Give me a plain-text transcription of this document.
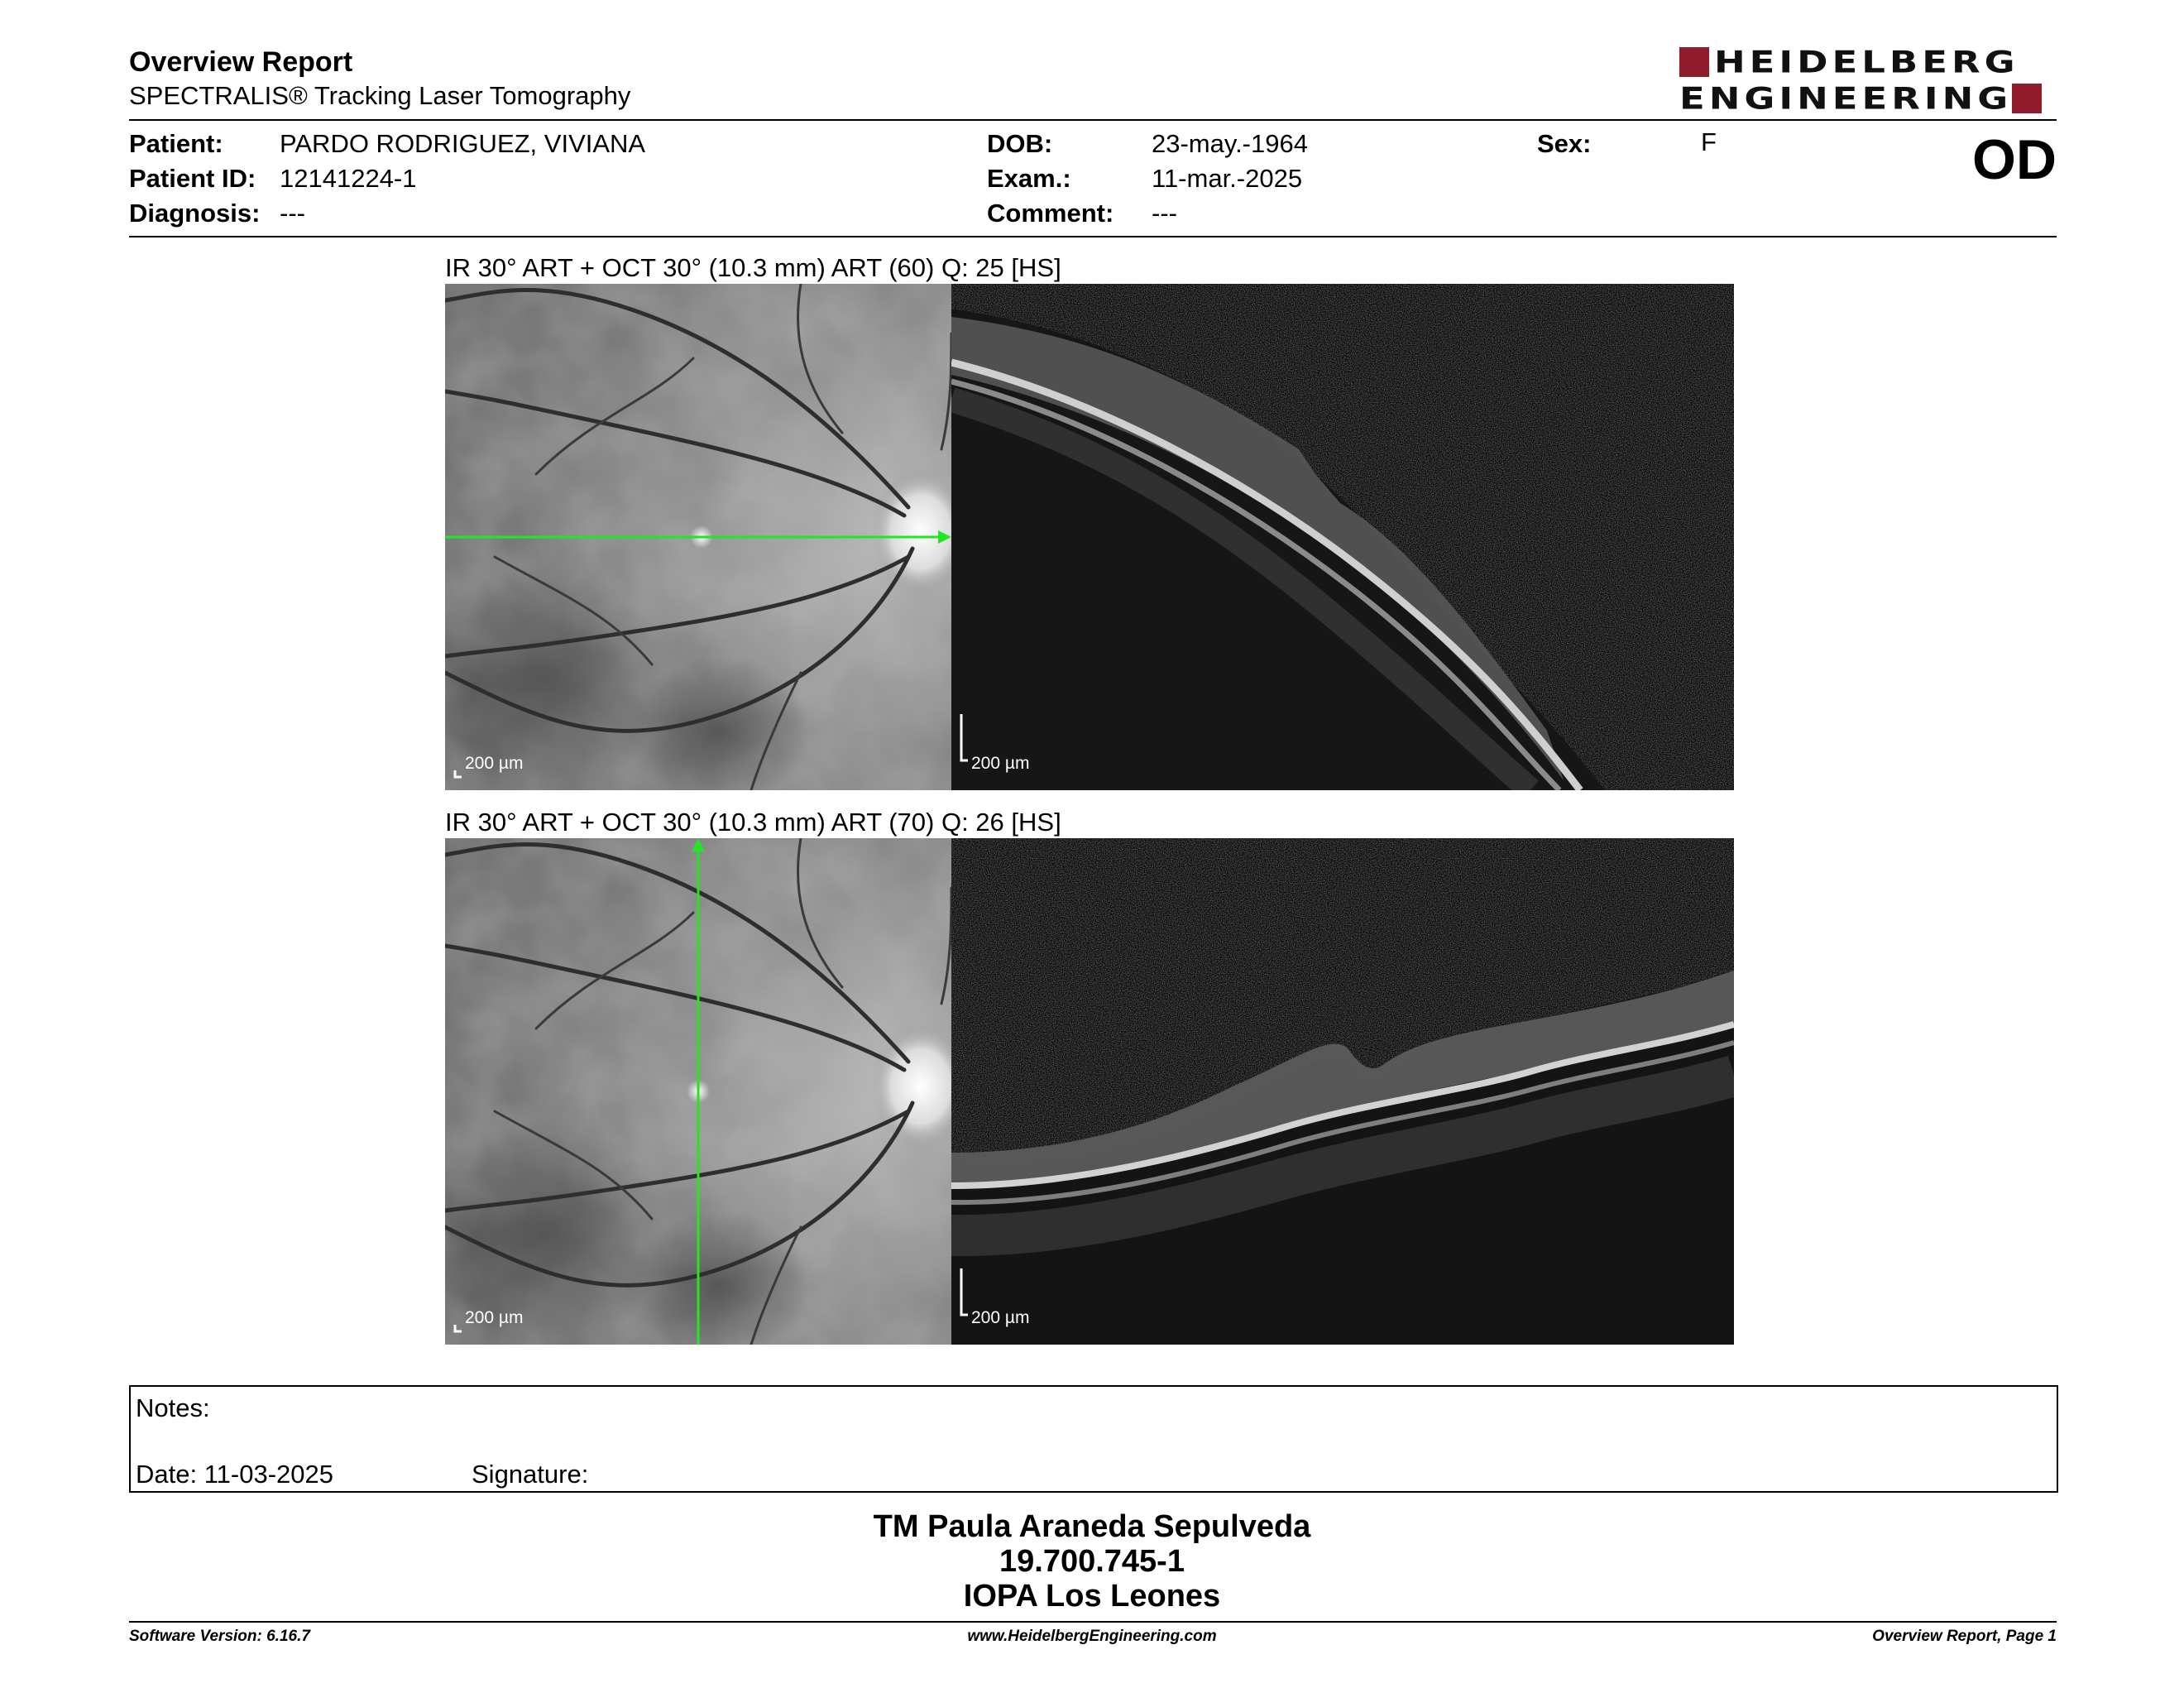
Overview Report
SPECTRALIS® Tracking Laser Tomography
HEIDELBERG
ENGINEERING
Patient: PARDO RODRIGUEZ, VIVIANA
Patient ID: 12141224-1
Diagnosis: ---
DOB:	23-may.-1964
Exam.:	11-mar.-2025
Comment: ---
Sex:	F	OD
IR 30° ART + OCT 30° (10.3 mm) ART (60) Q: 25 [HS]
200 µm	200 µm
IR 30° ART + OCT 30° (10.3 mm) ART (70) Q: 26 [HS]
200 µm	200 µm
Notes:
Date: 11-03-2025	Signature:
TM Paula Araneda Sepulveda
19.700.745-1
IOPA Los Leones
Software Version: 6.16.7	www.HeidelbergEngineering.com	Overview Report, Page 1
